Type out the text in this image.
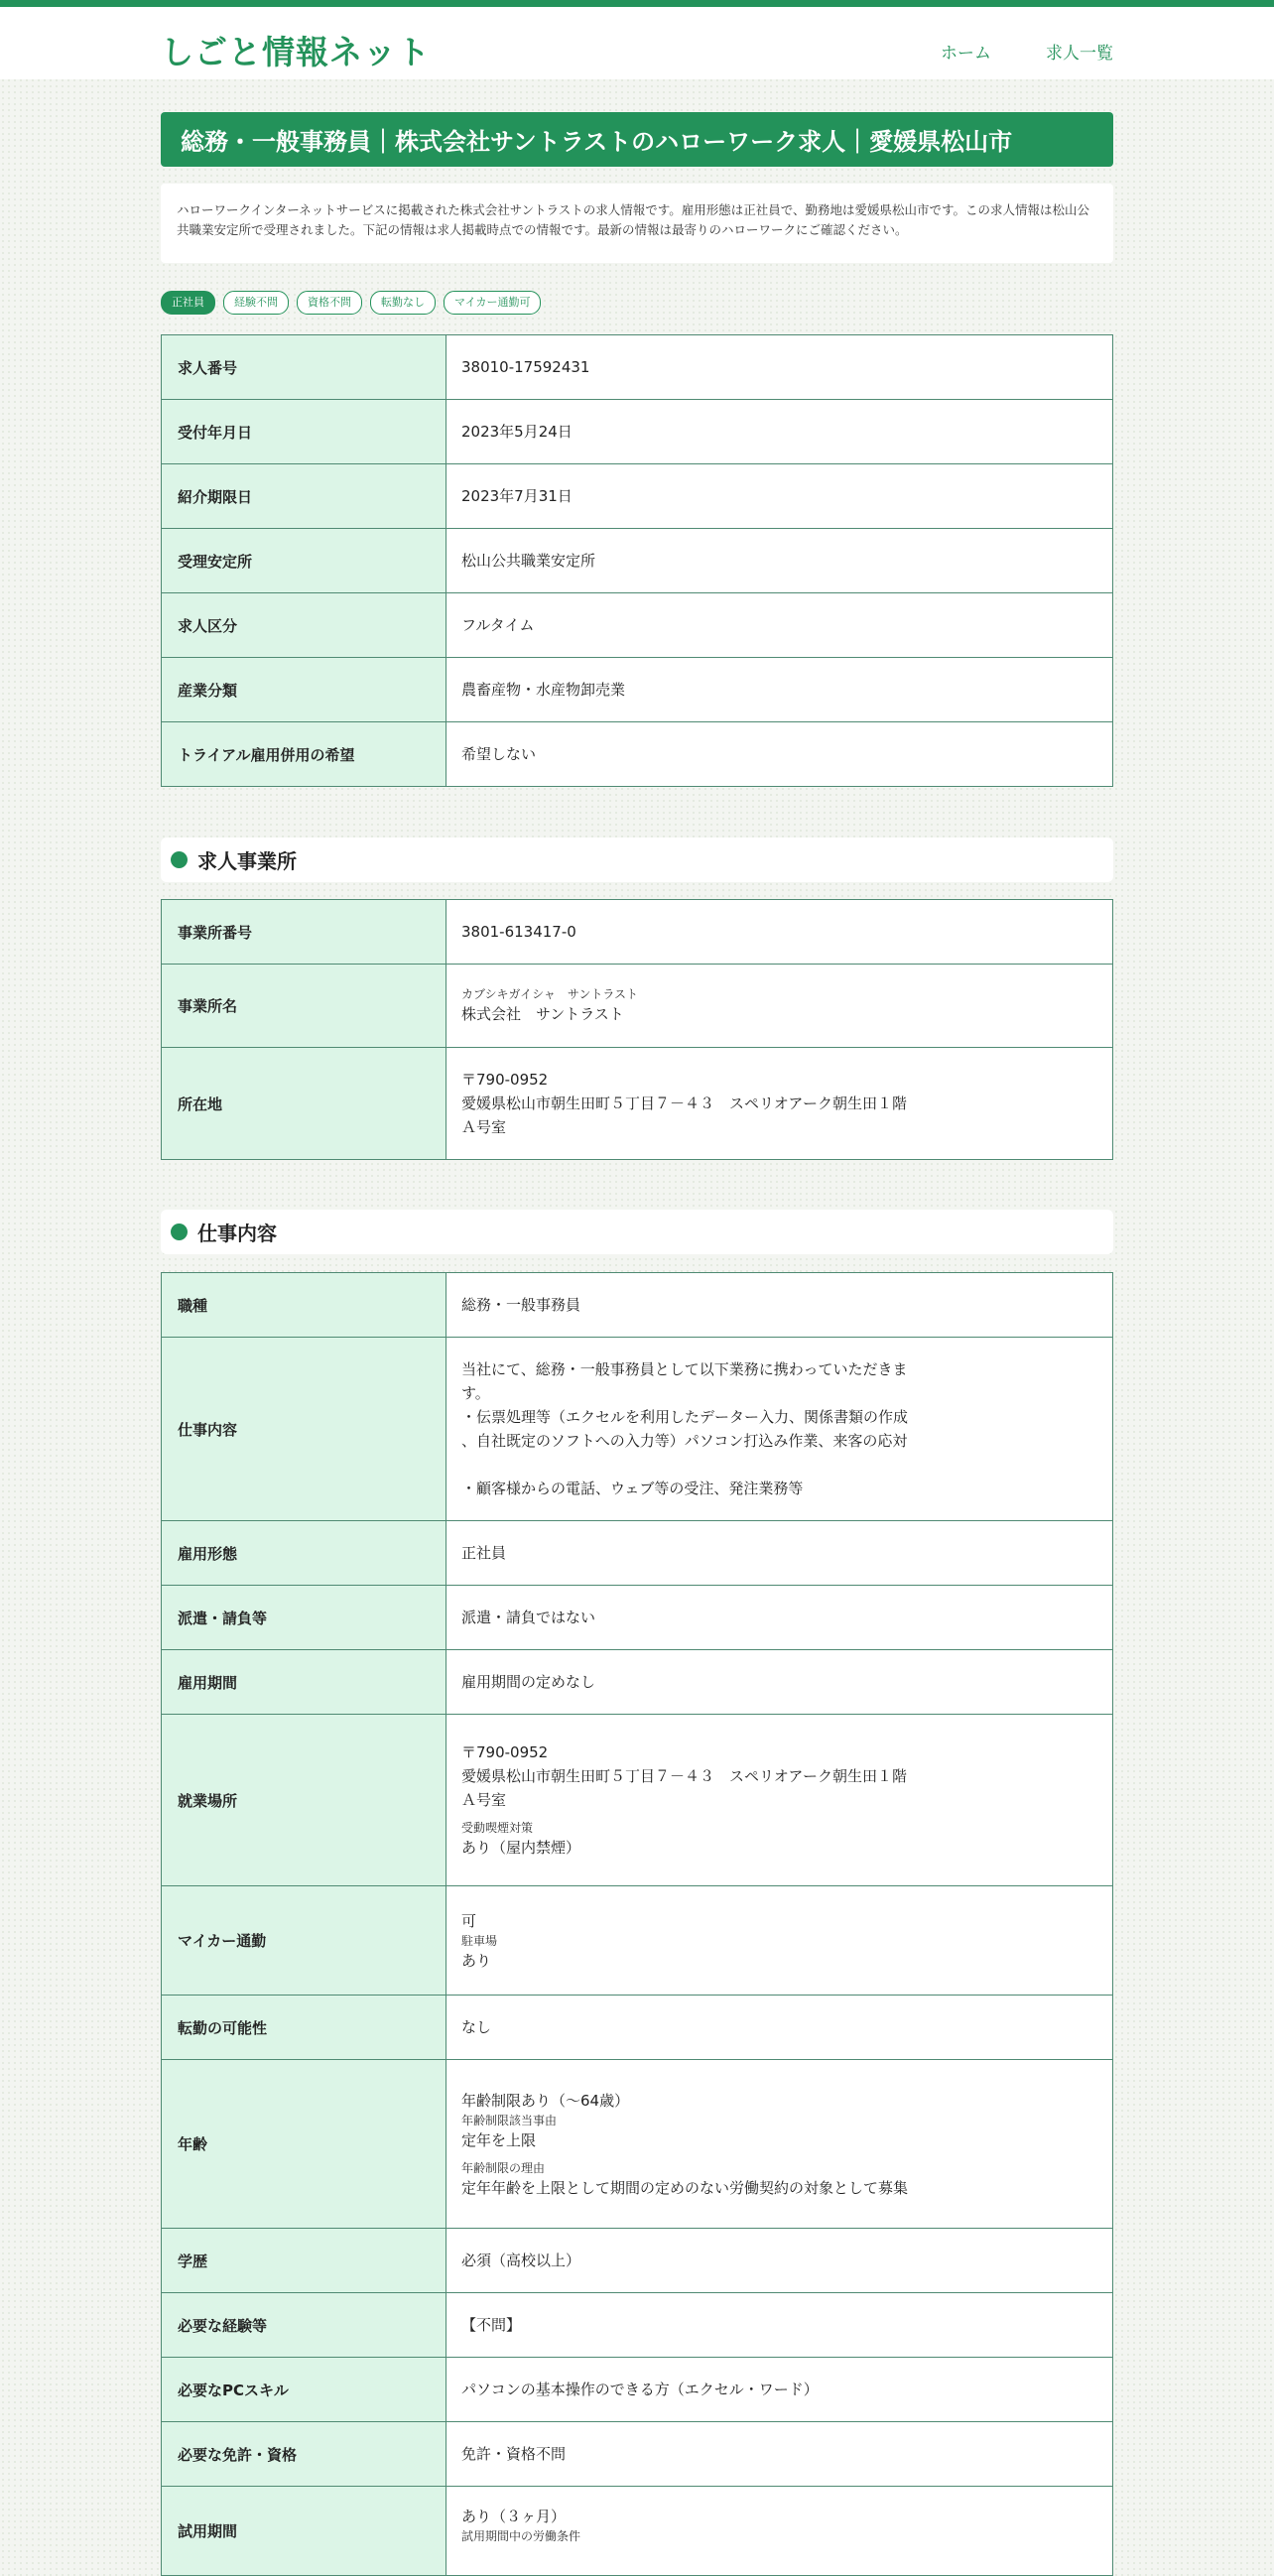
しごと情報ネット	ホーム	求人一覧
総務・一般事務員｜株式会社サントラストのハローワーク求人｜愛媛県松山市
ハローワークインターネットサービスに掲載された株式会社サントラストの求人情報です。雇用形態は正社員で、勤務地は愛媛県松山市です。この求人情報は松山公共職業安定所で受理されました。下記の情報は求人掲載時点での情報です。最新の情報は最寄りのハローワークにご確認ください。
正社員	経験不問	資格不問	転勤なし	マイカー通勤可
求人番号	38010-17592431
受付年月日	2023年5月24日
紹介期限日	2023年7月31日
受理安定所	松山公共職業安定所
求人区分	フルタイム
産業分類	農畜産物・水産物卸売業
トライアル雇用併用の希望	希望しない
求人事業所
事業所番号	3801-613417-0
事業所名	カブシキガイシャ　サントラスト
株式会社　サントラスト
所在地	〒790-0952
愛媛県松山市朝生田町５丁目７－４３　スペリオアーク朝生田１階
Ａ号室
仕事内容
職種	総務・一般事務員
仕事内容	当社にて、総務・一般事務員として以下業務に携わっていただきま
す。
・伝票処理等（エクセルを利用したデーター入力、関係書類の作成
、自社既定のソフトへの入力等）パソコン打込み作業、来客の応対
・顧客様からの電話、ウェブ等の受注、発注業務等

雇用形態	正社員
派遣・請負等	派遣・請負ではない
雇用期間	雇用期間の定めなし
就業場所	〒790-0952
愛媛県松山市朝生田町５丁目７－４３　スペリオアーク朝生田１階
Ａ号室
受動喫煙対策
あり（屋内禁煙）

マイカー通勤	可
駐車場
あり

転勤の可能性	なし
年齢	年齢制限あり（～64歳）
年齢制限該当事由
定年を上限
年齢制限の理由
定年年齢を上限として期間の定めのない労働契約の対象として募集

学歴	必須（高校以上）
必要な経験等	【不問】
必要なPCスキル	パソコンの基本操作のできる方（エクセル・ワード）
必要な免許・資格	免許・資格不問
試用期間	あり（３ヶ月）
試用期間中の労働条件
